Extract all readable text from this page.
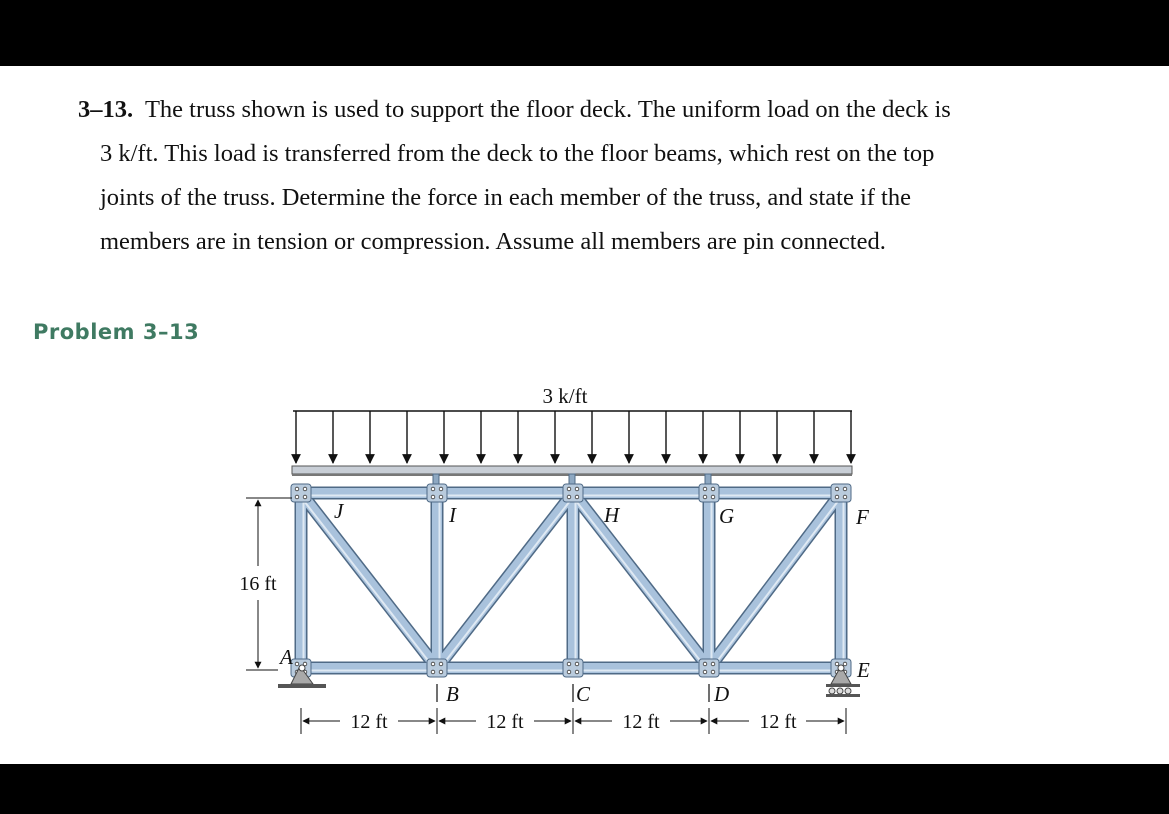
3–13. The truss shown is used to support the floor deck. The uniform load on the deck is

3 k/ft. This load is transferred from the deck to the floor beams, which rest on the top

joints of the truss. Determine the force in each member of the truss, and state if the

members are in tension or compression. Assume all members are pin connected.

Problem 3–13
3 k/ft
A
B	C	D
E
F
G
H
I
J
16 ft
12 ft	12 ft	12 ft	12 ft
